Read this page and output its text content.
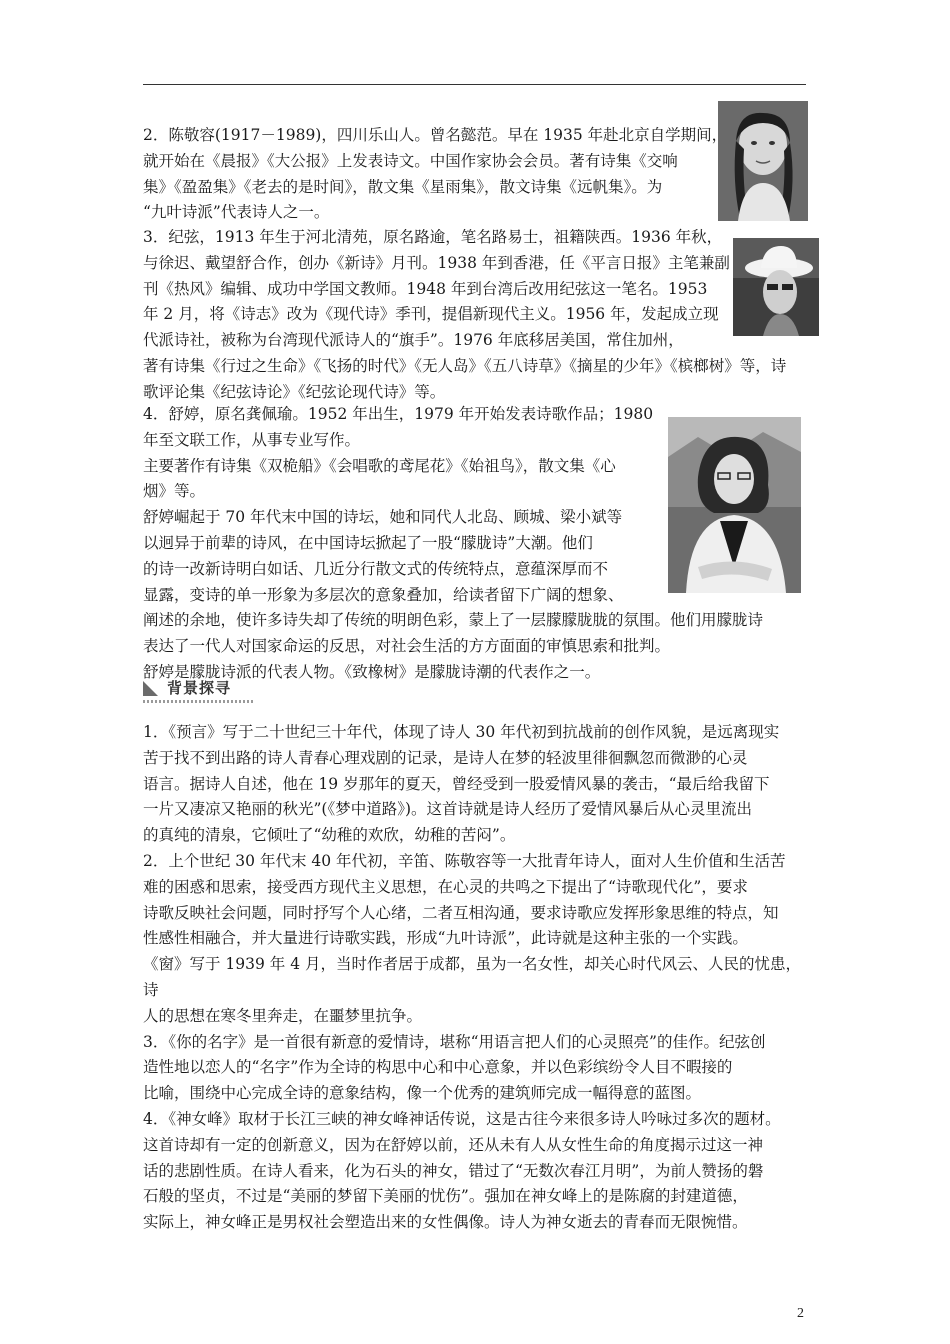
2．陈敬容(1917－1989)，四川乐山人。曾名懿范。早在 1935 年赴北京自学期间，

就开始在《晨报》《大公报》上发表诗文。中国作家协会会员。著有诗集《交响

集》《盈盈集》《老去的是时间》，散文集《星雨集》，散文诗集《远帆集》。为

“九叶诗派”代表诗人之一。

3．纪弦，1913 年生于河北清苑，原名路逾，笔名路易士，祖籍陕西。1936 年秋，

与徐迟、戴望舒合作，创办《新诗》月刊。1938 年到香港，任《平言日报》主笔兼副

刊《热风》编辑、成功中学国文教师。1948 年到台湾后改用纪弦这一笔名。1953

年 2 月，将《诗志》改为《现代诗》季刊，提倡新现代主义。1956 年，发起成立现

代派诗社，被称为台湾现代派诗人的“旗手”。1976 年底移居美国，常住加州，

著有诗集《行过之生命》《飞扬的时代》《无人岛》《五八诗草》《摘星的少年》《槟榔树》等，诗

歌评论集《纪弦诗论》《纪弦论现代诗》等。

4．舒婷，原名龚佩瑜。1952 年出生，1979 年开始发表诗歌作品；1980

年至文联工作，从事专业写作。

主要著作有诗集《双桅船》《会唱歌的鸢尾花》《始祖鸟》，散文集《心

烟》等。

舒婷崛起于 70 年代末中国的诗坛，她和同代人北岛、顾城、梁小斌等

以迥异于前辈的诗风，在中国诗坛掀起了一股“朦胧诗”大潮。他们

的诗一改新诗明白如话、几近分行散文式的传统特点，意蕴深厚而不

显露，变诗的单一形象为多层次的意象叠加，给读者留下广阔的想象、

阐述的余地，使许多诗失却了传统的明朗色彩，蒙上了一层朦朦胧胧的氛围。他们用朦胧诗

表达了一代人对国家命运的反思，对社会生活的方方面面的审慎思索和批判。

舒婷是朦胧诗派的代表人物。《致橡树》是朦胧诗潮的代表作之一。

背景探寻

1．《预言》写于二十世纪三十年代，体现了诗人 30 年代初到抗战前的创作风貌，是远离现实

苦于找不到出路的诗人青春心理戏剧的记录，是诗人在梦的轻波里徘徊飘忽而微渺的心灵

语言。据诗人自述，他在 19 岁那年的夏天，曾经受到一股爱情风暴的袭击，“最后给我留下

一片又凄凉又艳丽的秋光”(《梦中道路》)。这首诗就是诗人经历了爱情风暴后从心灵里流出

的真纯的清泉，它倾吐了“幼稚的欢欣，幼稚的苦闷”。

2．上个世纪 30 年代末 40 年代初，辛笛、陈敬容等一大批青年诗人，面对人生价值和生活苦

难的困惑和思索，接受西方现代主义思想，在心灵的共鸣之下提出了“诗歌现代化”，要求

诗歌反映社会问题，同时抒写个人心绪，二者互相沟通，要求诗歌应发挥形象思维的特点，知

性感性相融合，并大量进行诗歌实践，形成“九叶诗派”，此诗就是这种主张的一个实践。

《窗》写于 1939 年 4 月，当时作者居于成都，虽为一名女性，却关心时代风云、人民的忧患，诗

人的思想在寒冬里奔走，在噩梦里抗争。

3．《你的名字》是一首很有新意的爱情诗，堪称“用语言把人们的心灵照亮”的佳作。纪弦创

造性地以恋人的“名字”作为全诗的构思中心和中心意象，并以色彩缤纷令人目不暇接的

比喻，围绕中心完成全诗的意象结构，像一个优秀的建筑师完成一幅得意的蓝图。

4．《神女峰》取材于长江三峡的神女峰神话传说，这是古往今来很多诗人吟咏过多次的题材。

这首诗却有一定的创新意义，因为在舒婷以前，还从未有人从女性生命的角度揭示过这一神

话的悲剧性质。在诗人看来，化为石头的神女，错过了“无数次春江月明”，为前人赞扬的磐

石般的坚贞，不过是“美丽的梦留下美丽的忧伤”。强加在神女峰上的是陈腐的封建道德，

实际上，神女峰正是男权社会塑造出来的女性偶像。诗人为神女逝去的青春而无限惋惜。

2
